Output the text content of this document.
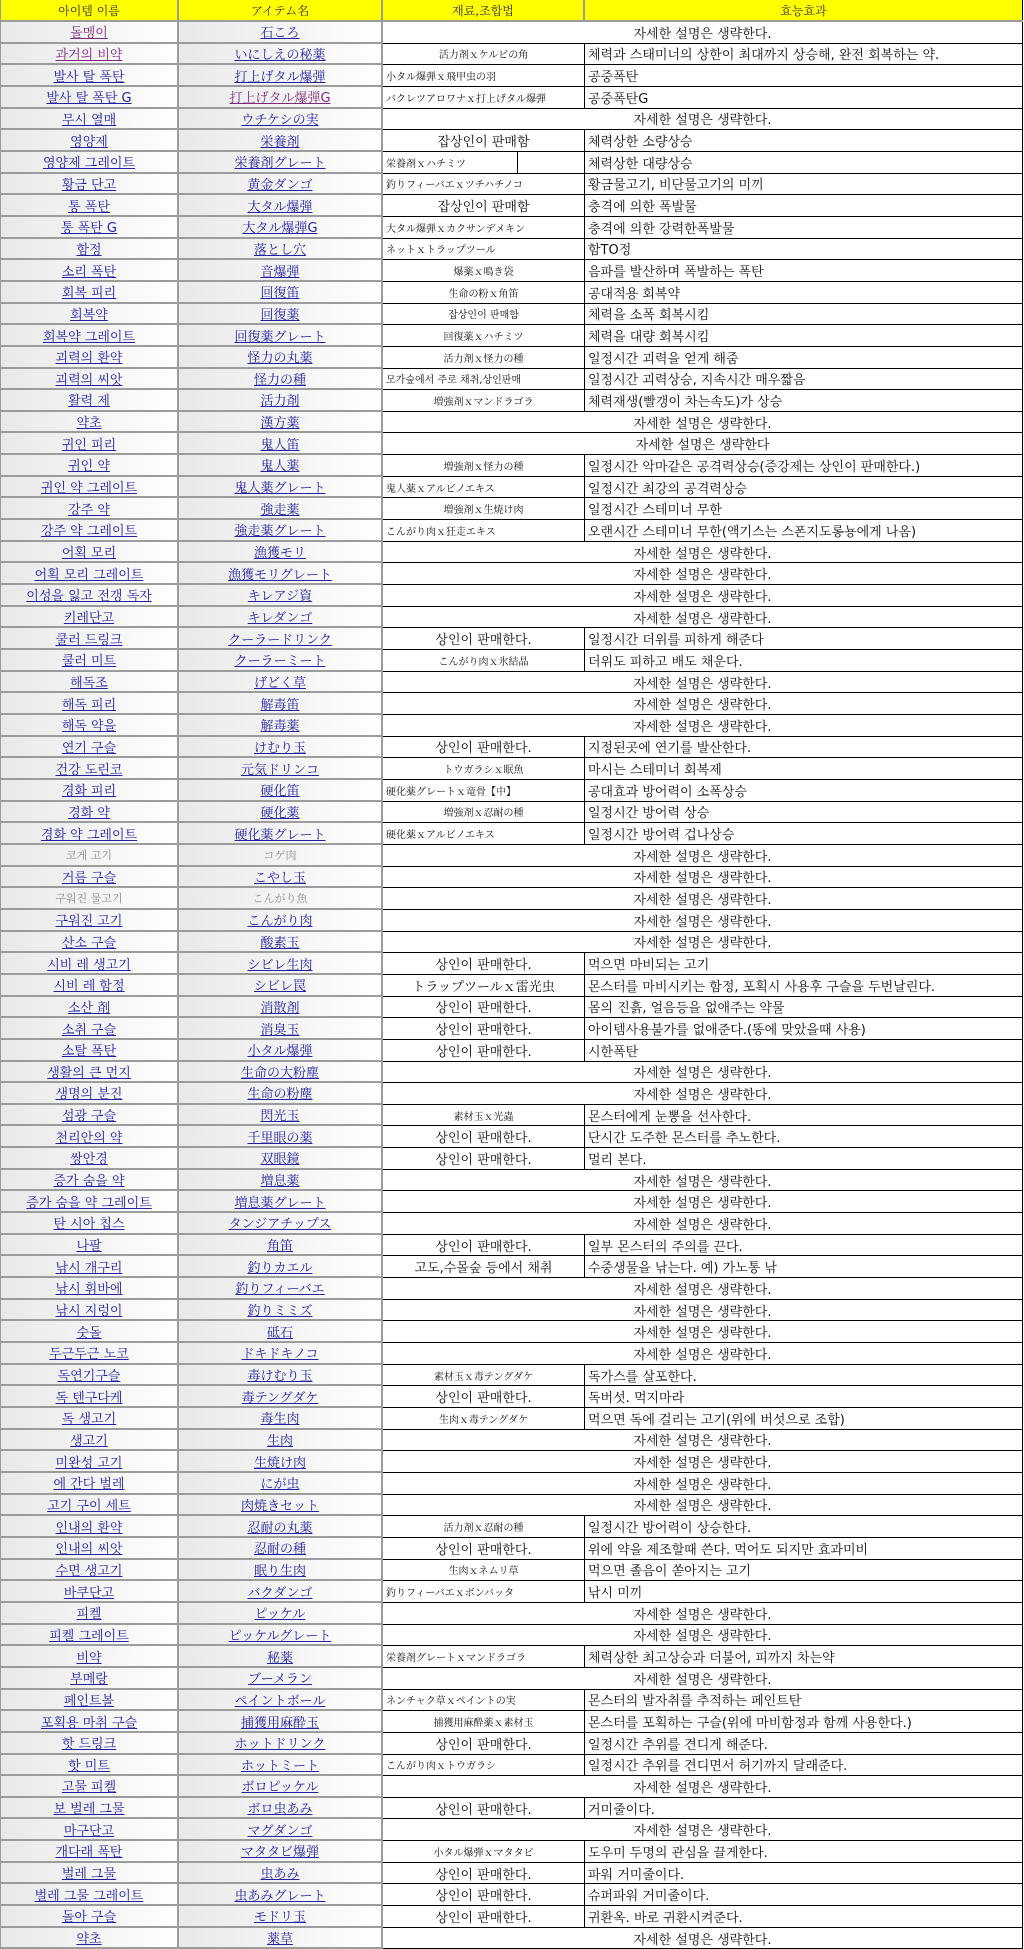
아이템 이름	アイテム名	재료,조합법	효능효과
돌멩이	石ころ	자세한 설명은 생략한다.
과거의 비약	いにしえの秘薬	活力剤ｘケルビの角	체력과 스태미너의 상한이 최대까지 상승해, 완전 회복하는 약.
발사 탈 폭탄	打上げタル爆弾	小タル爆弾ｘ飛甲虫の羽	공중폭탄
발사 탈 폭탄 G	打上げタル爆弾G	バクレツアロワナｘ打上げタル爆弾	공중폭탄G
무시 열매	ウチケシの実	자세한 설명은 생략한다.
영양제	栄養剤	잡상인이 판매함	체력상한 소량상승
영양제 그레이트	栄養剤グレート	栄養剤ｘハチミツ	체력상한 대량상승
황금 단고	黄金ダンゴ	釣りフィーバエｘツチハチノコ	황금물고기, 비단물고기의 미끼
통 폭탄	大タル爆弾	잡상인이 판매함	충격에 의한 폭발물
통 폭탄 G	大タル爆弾G	大タル爆弾ｘカクサンデメキン	충격에 의한 강력한폭발물
함정	落とし穴	ネットｘトラップツール	함TO정
소리 폭탄	音爆弾	爆薬ｘ鳴き袋	음파를 발산하며 폭발하는 폭탄
회복 피리	回復笛	生命の粉ｘ角笛	공대적용 회복약
회복약	回復薬	잡상인이 판매함	체력을 소폭 회복시킴
회복약 그레이트	回復薬グレート	回復薬ｘハチミツ	체력을 대량 회복시킴
괴력의 환약	怪力の丸薬	活力剤ｘ怪力の種	일정시간 괴력을 얻게 해줌
괴력의 씨앗	怪力の種	모가숲에서 주로 채취,상인판매	일정시간 괴력상승, 지속시간 매우짧음
활력 제	活力剤	増強剤ｘマンドラゴラ	체력재생(빨갱이 차는속도)가 상승
약초	漢方薬	자세한 설명은 생략한다.
귀인 피리	鬼人笛	자세한 설명은 생략한다
귀인 약	鬼人薬	増強剤ｘ怪力の種	일정시간 악마같은 공격력상승(증강제는 상인이 판매한다.)
귀인 약 그레이트	鬼人薬グレート	鬼人薬ｘアルビノエキス	일정시간 최강의 공격력상승
강주 약	強走薬	増強剤ｘ生焼け肉	일정시간 스테미너 무한
강주 약 그레이트	強走薬グレート	こんがり肉ｘ狂走エキス	오랜시간 스테미너 무한(액기스는 스폰지도롱뇽에게 나옴)
어획 모리	漁獲モリ	자세한 설명은 생략한다.
어획 모리 그레이트	漁獲モリグレート	자세한 설명은 생략한다.
이성을 잃고 전갱 독자	キレアジ資	자세한 설명은 생략한다.
키레단고	キレダンゴ	자세한 설명은 생략한다.
쿨러 드링크	クーラードリンク	상인이 판매한다.	일정시간 더위를 피하게 해준다
쿨러 미트	クーラーミート	こんがり肉ｘ氷結晶	더위도 피하고 배도 채운다.
해독조	げどく草	자세한 설명은 생략한다.
해독 피리	解毒笛	자세한 설명은 생략한다.
해독 약을	解毒薬	자세한 설명은 생략한다.
연기 구슬	けむり玉	상인이 판매한다.	지정된곳에 연기를 발산한다.
건강 도린코	元気ドリンコ	トウガラシｘ眠魚	마시는 스테미너 회복제
경화 피리	硬化笛	硬化薬グレートｘ竜骨【中】	공대효과 방어력이 소폭상승
경화 약	硬化薬	増強剤ｘ忍耐の種	일정시간 방어력 상승
경화 약 그레이트	硬化薬グレート	硬化薬ｘアルビノエキス	일정시간 방어력 겁나상승
코게 고기	コゲ肉	자세한 설명은 생략한다.
거름 구슬	こやし玉	자세한 설명은 생략한다.
구워진 물고기	こんがり魚	자세한 설명은 생략한다.
구워진 고기	こんがり肉	자세한 설명은 생략한다.
산소 구슬	酸素玉	자세한 설명은 생략한다.
시비 레 생고기	シビレ生肉	상인이 판매한다.	먹으면 마비되는 고기
시비 레 함정	シビレ罠	トラップツールｘ雷光虫	몬스터를 마비시키는 함정, 포획시 사용후 구슬을 두번날린다.
소산 剤	消散剤	상인이 판매한다.	몸의 진흙, 얼음등을 없애주는 약물
소취 구슬	消臭玉	상인이 판매한다.	아이템사용불가를 없애준다.(똥에 맞았을때 사용)
소탈 폭탄	小タル爆弾	상인이 판매한다.	시한폭탄
생활의 큰 먼지	生命の大粉塵	자세한 설명은 생략한다.
생명의 분진	生命の粉塵	자세한 설명은 생략한다.
섬광 구슬	閃光玉	素材玉ｘ光蟲	몬스터에게 눈뽕을 선사한다.
천리안의 약	千里眼の薬	상인이 판매한다.	단시간 도주한 몬스터를 추노한다.
쌍안경	双眼鏡	상인이 판매한다.	멀리 본다.
증가 숨을 약	増息薬	자세한 설명은 생략한다.
증가 숨을 약 그레이트	増息薬グレート	자세한 설명은 생략한다.
탄 시아 칩스	タンジアチップス	자세한 설명은 생략한다.
나팔	角笛	상인이 판매한다.	일부 몬스터의 주의를 끈다.
낚시 개구리	釣りカエル	고도,수몰숲 등에서 채취	수중생물을 낚는다. 예) 가노통 낚
낚시 휘바에	釣りフィーバエ	자세한 설명은 생략한다.
낚시 지렁이	釣りミミズ	자세한 설명은 생략한다.
숫돌	砥石	자세한 설명은 생략한다.
두근두근 노코	ドキドキノコ	자세한 설명은 생략한다.
독연기구슬	毒けむり玉	素材玉ｘ毒テングダケ	독가스를 살포한다.
독 텐구다케	毒テングダケ	상인이 판매한다.	독버섯. 먹지마라
독 생고기	毒生肉	生肉ｘ毒テングダケ	먹으면 독에 걸리는 고기(위에 버섯으로 조합)
생고기	生肉	자세한 설명은 생략한다.
미완성 고기	生焼け肉	자세한 설명은 생략한다.
에 간다 벌레	にが虫	자세한 설명은 생략한다.
고기 구이 세트	肉焼きセット	자세한 설명은 생략한다.
인내의 환약	忍耐の丸薬	活力剤ｘ忍耐の種	일정시간 방어력이 상승한다.
인내의 씨앗	忍耐の種	상인이 판매한다.	위에 약을 제조할때 쓴다. 먹어도 되지만 효과미비
수면 생고기	眠り生肉	生肉ｘネムリ草	먹으면 졸음이 쏟아지는 고기
바쿠단고	バクダンゴ	釣りフィーバエｘボンバッタ	낚시 미끼
피켈	ピッケル	자세한 설명은 생략한다.
피켈 그레이트	ピッケルグレート	자세한 설명은 생략한다.
비약	秘薬	栄養剤グレートｘマンドラゴラ	체력상한 최고상승과 더불어, 피까지 차는약
부메랑	ブーメラン	자세한 설명은 생략한다.
페인트볼	ペイントボール	ネンチャク草ｘペイントの実	몬스터의 발자취를 추적하는 페인트탄
포획용 마취 구슬	捕獲用麻酔玉	捕獲用麻酔薬ｘ素材玉	몬스터를 포획하는 구슬(위에 마비함정과 함께 사용한다.)
핫 드링크	ホットドリンク	상인이 판매한다.	일정시간 추위를 견디게 해준다.
핫 미트	ホットミート	こんがり肉ｘトウガラシ	일정시간 추위를 견디면서 허기까지 달래준다.
고물 피켈	ボロピッケル	자세한 설명은 생략한다.
보 벌레 그물	ボロ虫あみ	상인이 판매한다.	거미줄이다.
마구단고	マグダンゴ	자세한 설명은 생략한다.
개다래 폭탄	マタタビ爆弾	小タル爆弾ｘマタタビ	도우미 두명의 관심을 끌게한다.
벌레 그물	虫あみ	상인이 판매한다.	파워 거미줄이다.
벌레 그물 그레이트	虫あみグレート	상인이 판매한다.	슈퍼파워 거미줄이다.
돌아 구슬	モドリ玉	상인이 판매한다.	귀환옥. 바로 귀환시켜준다.
약초	薬草	자세한 설명은 생략한다.
